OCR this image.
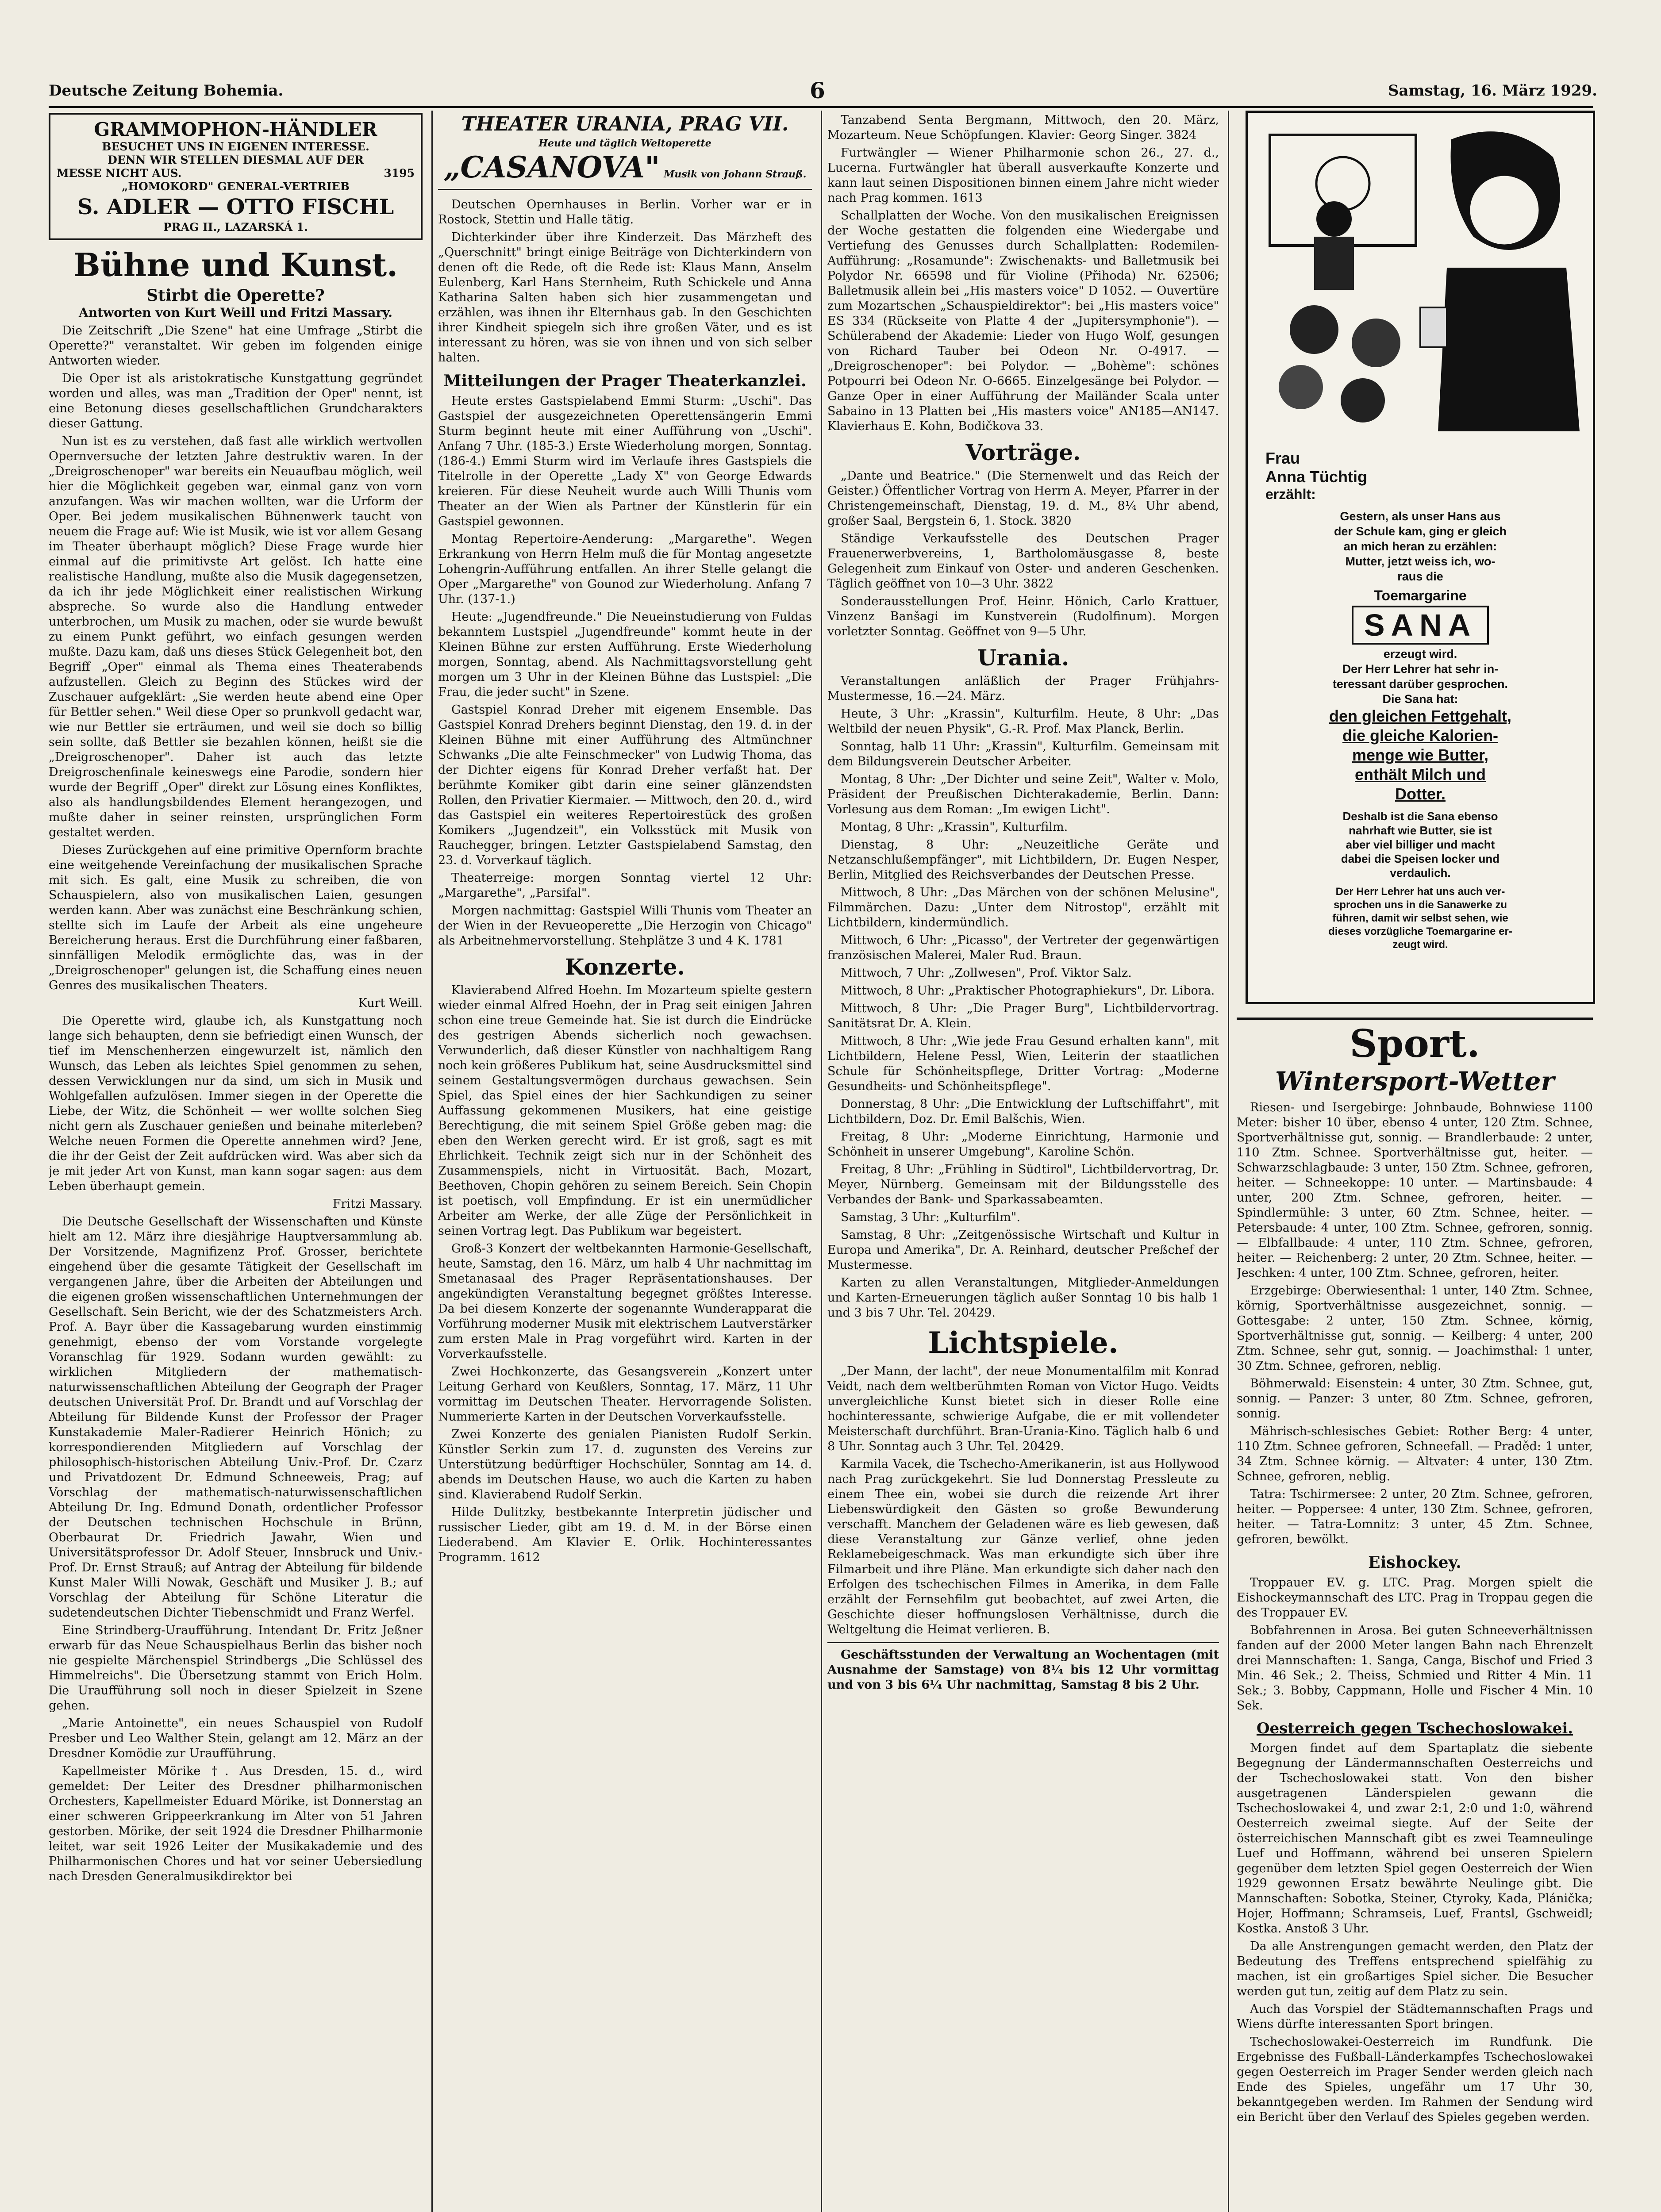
Deutsche Zeitung Bohemia.	6	Samstag, 16. März 1929.
GRAMMOPHON-HÄNDLER
BESUCHET UNS IN EIGENEN INTERESSE.
DENN WIR STELLEN DIESMAL AUF DER
MESSE NICHT AUS.	3195
„HOMOKORD" GENERAL-VERTRIEB
S. ADLER — OTTO FISCHL
PRAG II., LAZARSKÁ 1.
Bühne und Kunst.
Stirbt die Operette?
Antworten von Kurt Weill und Fritzi Massary.

Die Zeitschrift „Die Szene" hat eine Umfrage „Stirbt die Operette?" veranstaltet. Wir geben im folgenden einige Antworten wieder.

Die Oper ist als aristokratische Kunstgattung gegründet worden und alles, was man „Tradition der Oper" nennt, ist eine Betonung dieses gesellschaftlichen Grundcharakters dieser Gattung.

Nun ist es zu verstehen, daß fast alle wirklich wertvollen Opernversuche der letzten Jahre destruktiv waren. In der „Dreigroschenoper" war bereits ein Neuaufbau möglich, weil hier die Möglichkeit gegeben war, einmal ganz von vorn anzufangen. Was wir machen wollten, war die Urform der Oper. Bei jedem musikalischen Bühnenwerk taucht von neuem die Frage auf: Wie ist Musik, wie ist vor allem Gesang im Theater überhaupt möglich? Diese Frage wurde hier einmal auf die primitivste Art gelöst. Ich hatte eine realistische Handlung, mußte also die Musik dagegensetzen, da ich ihr jede Möglichkeit einer realistischen Wirkung abspreche. So wurde also die Handlung entweder unterbrochen, um Musik zu machen, oder sie wurde bewußt zu einem Punkt geführt, wo einfach gesungen werden mußte. Dazu kam, daß uns dieses Stück Gelegenheit bot, den Begriff „Oper" einmal als Thema eines Theaterabends aufzustellen. Gleich zu Beginn des Stückes wird der Zuschauer aufgeklärt: „Sie werden heute abend eine Oper für Bettler sehen." Weil diese Oper so prunkvoll gedacht war, wie nur Bettler sie erträumen, und weil sie doch so billig sein sollte, daß Bettler sie bezahlen können, heißt sie die „Dreigroschenoper". Daher ist auch das letzte Dreigroschenfinale keineswegs eine Parodie, sondern hier wurde der Begriff „Oper" direkt zur Lösung eines Konfliktes, also als handlungsbildendes Element herangezogen, und mußte daher in seiner reinsten, ursprünglichen Form gestaltet werden.

Dieses Zurückgehen auf eine primitive Opernform brachte eine weitgehende Vereinfachung der musikalischen Sprache mit sich. Es galt, eine Musik zu schreiben, die von Schauspielern, also von musikalischen Laien, gesungen werden kann. Aber was zunächst eine Beschränkung schien, stellte sich im Laufe der Arbeit als eine ungeheure Bereicherung heraus. Erst die Durchführung einer faßbaren, sinnfälligen Melodik ermöglichte das, was in der „Dreigroschenoper" gelungen ist, die Schaffung eines neuen Genres des musikalischen Theaters.

Kurt Weill.

Die Operette wird, glaube ich, als Kunstgattung noch lange sich behaupten, denn sie befriedigt einen Wunsch, der tief im Menschenherzen eingewurzelt ist, nämlich den Wunsch, das Leben als leichtes Spiel genommen zu sehen, dessen Verwicklungen nur da sind, um sich in Musik und Wohlgefallen aufzulösen. Immer siegen in der Operette die Liebe, der Witz, die Schönheit — wer wollte solchen Sieg nicht gern als Zuschauer genießen und beinahe miterleben? Welche neuen Formen die Operette annehmen wird? Jene, die ihr der Geist der Zeit aufdrücken wird. Was aber sich da je mit jeder Art von Kunst, man kann sogar sagen: aus dem Leben überhaupt gemein.

Fritzi Massary.

Die Deutsche Gesellschaft der Wissenschaften und Künste hielt am 12. März ihre diesjährige Hauptversammlung ab. Der Vorsitzende, Magnifizenz Prof. Grosser, berichtete eingehend über die gesamte Tätigkeit der Gesellschaft im vergangenen Jahre, über die Arbeiten der Abteilungen und die eigenen großen wissenschaftlichen Unternehmungen der Gesellschaft. Sein Bericht, wie der des Schatzmeisters Arch. Prof. A. Bayr über die Kassagebarung wurden einstimmig genehmigt, ebenso der vom Vorstande vorgelegte Voranschlag für 1929. Sodann wurden gewählt: zu wirklichen Mitgliedern der mathematisch-naturwissenschaftlichen Abteilung der Geograph der Prager deutschen Universität Prof. Dr. Brandt und auf Vorschlag der Abteilung für Bildende Kunst der Professor der Prager Kunstakademie Maler-Radierer Heinrich Hönich; zu korrespondierenden Mitgliedern auf Vorschlag der philosophisch-historischen Abteilung Univ.-Prof. Dr. Czarz und Privatdozent Dr. Edmund Schneeweis, Prag; auf Vorschlag der mathematisch-naturwissenschaftlichen Abteilung Dr. Ing. Edmund Donath, ordentlicher Professor der Deutschen technischen Hochschule in Brünn, Oberbaurat Dr. Friedrich Jawahr, Wien und Universitätsprofessor Dr. Adolf Steuer, Innsbruck und Univ.-Prof. Dr. Ernst Strauß; auf Antrag der Abteilung für bildende Kunst Maler Willi Nowak, Geschäft und Musiker J. B.; auf Vorschlag der Abteilung für Schöne Literatur die sudetendeutschen Dichter Tiebenschmidt und Franz Werfel.

Eine Strindberg-Uraufführung. Intendant Dr. Fritz Jeßner erwarb für das Neue Schauspielhaus Berlin das bisher noch nie gespielte Märchenspiel Strindbergs „Die Schlüssel des Himmelreichs". Die Übersetzung stammt von Erich Holm. Die Uraufführung soll noch in dieser Spielzeit in Szene gehen.

„Marie Antoinette", ein neues Schauspiel von Rudolf Presber und Leo Walther Stein, gelangt am 12. März an der Dresdner Komödie zur Uraufführung.

Kapellmeister Mörike †. Aus Dresden, 15. d., wird gemeldet: Der Leiter des Dresdner philharmonischen Orchesters, Kapellmeister Eduard Mörike, ist Donnerstag an einer schweren Grippeerkrankung im Alter von 51 Jahren gestorben. Mörike, der seit 1924 die Dresdner Philharmonie leitet, war seit 1926 Leiter der Musikakademie und des Philharmonischen Chores und hat vor seiner Uebersiedlung nach Dresden Generalmusikdirektor bei

THEATER URANIA, PRAG VII.
Heute und täglich Weltoperette
„CASANOVA" Musik von Johann Strauß.

Deutschen Opernhauses in Berlin. Vorher war er in Rostock, Stettin und Halle tätig.

Dichterkinder über ihre Kinderzeit. Das Märzheft des „Querschnitt" bringt einige Beiträge von Dichterkindern von denen oft die Rede, oft die Rede ist: Klaus Mann, Anselm Eulenberg, Karl Hans Sternheim, Ruth Schickele und Anna Katharina Salten haben sich hier zusammengetan und erzählen, was ihnen ihr Elternhaus gab. In den Geschichten ihrer Kindheit spiegeln sich ihre großen Väter, und es ist interessant zu hören, was sie von ihnen und von sich selber halten.

Mitteilungen der Prager Theaterkanzlei.

Heute erstes Gastspielabend Emmi Sturm: „Uschi". Das Gastspiel der ausgezeichneten Operettensängerin Emmi Sturm beginnt heute mit einer Aufführung von „Uschi". Anfang 7 Uhr. (185-3.) Erste Wiederholung morgen, Sonntag. (186-4.) Emmi Sturm wird im Verlaufe ihres Gastspiels die Titelrolle in der Operette „Lady X" von George Edwards kreieren. Für diese Neuheit wurde auch Willi Thunis vom Theater an der Wien als Partner der Künstlerin für ein Gastspiel gewonnen.

Montag Repertoire-Aenderung: „Margarethe". Wegen Erkrankung von Herrn Helm muß die für Montag angesetzte Lohengrin-Aufführung entfallen. An ihrer Stelle gelangt die Oper „Margarethe" von Gounod zur Wiederholung. Anfang 7 Uhr. (137-1.)

Heute: „Jugendfreunde." Die Neueinstudierung von Fuldas bekanntem Lustspiel „Jugendfreunde" kommt heute in der Kleinen Bühne zur ersten Aufführung. Erste Wiederholung morgen, Sonntag, abend. Als Nachmittagsvorstellung geht morgen um 3 Uhr in der Kleinen Bühne das Lustspiel: „Die Frau, die jeder sucht" in Szene.

Gastspiel Konrad Dreher mit eigenem Ensemble. Das Gastspiel Konrad Drehers beginnt Dienstag, den 19. d. in der Kleinen Bühne mit einer Aufführung des Altmünchner Schwanks „Die alte Feinschmecker" von Ludwig Thoma, das der Dichter eigens für Konrad Dreher verfaßt hat. Der berühmte Komiker gibt darin eine seiner glänzendsten Rollen, den Privatier Kiermaier. — Mittwoch, den 20. d., wird das Gastspiel ein weiteres Repertoirestück des großen Komikers „Jugendzeit", ein Volksstück mit Musik von Rauchegger, bringen. Letzter Gastspielabend Samstag, den 23. d. Vorverkauf täglich.

Theaterreige: morgen Sonntag viertel 12 Uhr: „Margarethe", „Parsifal".

Morgen nachmittag: Gastspiel Willi Thunis vom Theater an der Wien in der Revueoperette „Die Herzogin von Chicago" als Arbeitnehmervorstellung. Stehplätze 3 und 4 K. 1781

Konzerte.

Klavierabend Alfred Hoehn. Im Mozarteum spielte gestern wieder einmal Alfred Hoehn, der in Prag seit einigen Jahren schon eine treue Gemeinde hat. Sie ist durch die Eindrücke des gestrigen Abends sicherlich noch gewachsen. Verwunderlich, daß dieser Künstler von nachhaltigem Rang noch kein größeres Publikum hat, seine Ausdrucksmittel sind seinem Gestaltungsvermögen durchaus gewachsen. Sein Spiel, das Spiel eines der hier Sachkundigen zu seiner Auffassung gekommenen Musikers, hat eine geistige Berechtigung, die mit seinem Spiel Größe geben mag: die eben den Werken gerecht wird. Er ist groß, sagt es mit Ehrlichkeit. Technik zeigt sich nur in der Schönheit des Zusammenspiels, nicht in Virtuosität. Bach, Mozart, Beethoven, Chopin gehören zu seinem Bereich. Sein Chopin ist poetisch, voll Empfindung. Er ist ein unermüdlicher Arbeiter am Werke, der alle Züge der Persönlichkeit in seinen Vortrag legt. Das Publikum war begeistert.

Groß-3 Konzert der weltbekannten Harmonie-Gesellschaft, heute, Samstag, den 16. März, um halb 4 Uhr nachmittag im Smetanasaal des Prager Repräsentationshauses. Der angekündigten Veranstaltung begegnet größtes Interesse. Da bei diesem Konzerte der sogenannte Wunderapparat die Vorführung moderner Musik mit elektrischem Lautverstärker zum ersten Male in Prag vorgeführt wird. Karten in der Vorverkaufsstelle.

Zwei Hochkonzerte, das Gesangsverein „Konzert unter Leitung Gerhard von Keußlers, Sonntag, 17. März, 11 Uhr vormittag im Deutschen Theater. Hervorragende Solisten. Nummerierte Karten in der Deutschen Vorverkaufsstelle.

Zwei Konzerte des genialen Pianisten Rudolf Serkin. Künstler Serkin zum 17. d. zugunsten des Vereins zur Unterstützung bedürftiger Hochschüler, Sonntag am 14. d. abends im Deutschen Hause, wo auch die Karten zu haben sind. Klavierabend Rudolf Serkin.

Hilde Dulitzky, bestbekannte Interpretin jüdischer und russischer Lieder, gibt am 19. d. M. in der Börse einen Liederabend. Am Klavier E. Orlik. Hochinteressantes Programm. 1612

Tanzabend Senta Bergmann, Mittwoch, den 20. März, Mozarteum. Neue Schöpfungen. Klavier: Georg Singer. 3824

Furtwängler — Wiener Philharmonie schon 26., 27. d., Lucerna. Furtwängler hat überall ausverkaufte Konzerte und kann laut seinen Dispositionen binnen einem Jahre nicht wieder nach Prag kommen. 1613

Schallplatten der Woche. Von den musikalischen Ereignissen der Woche gestatten die folgenden eine Wiedergabe und Vertiefung des Genusses durch Schallplatten: Rodemilen-Aufführung: „Rosamunde": Zwischenakts- und Balletmusik bei Polydor Nr. 66598 und für Violine (Přihoda) Nr. 62506; Balletmusik allein bei „His masters voice" D 1052. — Ouvertüre zum Mozartschen „Schauspieldirektor": bei „His masters voice" ES 334 (Rückseite von Platte 4 der „Jupitersymphonie"). — Schülerabend der Akademie: Lieder von Hugo Wolf, gesungen von Richard Tauber bei Odeon Nr. O-4917. — „Dreigroschenoper": bei Polydor. — „Bohème": schönes Potpourri bei Odeon Nr. O-6665. Einzelgesänge bei Polydor. — Ganze Oper in einer Aufführung der Mailänder Scala unter Sabaino in 13 Platten bei „His masters voice" AN185—AN147. Klavierhaus E. Kohn, Bodičkova 33.

Vorträge.

„Dante und Beatrice." (Die Sternenwelt und das Reich der Geister.) Öffentlicher Vortrag von Herrn A. Meyer, Pfarrer in der Christengemeinschaft, Dienstag, 19. d. M., 8¼ Uhr abend, großer Saal, Bergstein 6, 1. Stock. 3820

Ständige Verkaufsstelle des Deutschen Prager Frauenerwerbvereins, 1, Bartholomäusgasse 8, beste Gelegenheit zum Einkauf von Oster- und anderen Geschenken. Täglich geöffnet von 10—3 Uhr. 3822

Sonderausstellungen Prof. Heinr. Hönich, Carlo Krattuer, Vinzenz Banšagi im Kunstverein (Rudolfinum). Morgen vorletzter Sonntag. Geöffnet von 9—5 Uhr.

Urania.

Veranstaltungen anläßlich der Prager Frühjahrs-Mustermesse, 16.—24. März.

Heute, 3 Uhr: „Krassin", Kulturfilm. Heute, 8 Uhr: „Das Weltbild der neuen Physik", G.-R. Prof. Max Planck, Berlin.

Sonntag, halb 11 Uhr: „Krassin", Kulturfilm. Gemeinsam mit dem Bildungsverein Deutscher Arbeiter.

Montag, 8 Uhr: „Der Dichter und seine Zeit", Walter v. Molo, Präsident der Preußischen Dichterakademie, Berlin. Dann: Vorlesung aus dem Roman: „Im ewigen Licht".

Montag, 8 Uhr: „Krassin", Kulturfilm.

Dienstag, 8 Uhr: „Neuzeitliche Geräte und Netzanschlußempfänger", mit Lichtbildern, Dr. Eugen Nesper, Berlin, Mitglied des Reichsverbandes der Deutschen Presse.

Mittwoch, 8 Uhr: „Das Märchen von der schönen Melusine", Filmmärchen. Dazu: „Unter dem Nitrostop", erzählt mit Lichtbildern, kindermündlich.

Mittwoch, 6 Uhr: „Picasso", der Vertreter der gegenwärtigen französischen Malerei, Maler Rud. Braun.

Mittwoch, 7 Uhr: „Zollwesen", Prof. Viktor Salz.

Mittwoch, 8 Uhr: „Praktischer Photographiekurs", Dr. Libora.

Mittwoch, 8 Uhr: „Die Prager Burg", Lichtbildervortrag. Sanitätsrat Dr. A. Klein.

Mittwoch, 8 Uhr: „Wie jede Frau Gesund erhalten kann", mit Lichtbildern, Helene Pessl, Wien, Leiterin der staatlichen Schule für Schönheitspflege, Dritter Vortrag: „Moderne Gesundheits- und Schönheitspflege".

Donnerstag, 8 Uhr: „Die Entwicklung der Luftschiffahrt", mit Lichtbildern, Doz. Dr. Emil Balšchis, Wien.

Freitag, 8 Uhr: „Moderne Einrichtung, Harmonie und Schönheit in unserer Umgebung", Karoline Schön.

Freitag, 8 Uhr: „Frühling in Südtirol", Lichtbildervortrag, Dr. Meyer, Nürnberg. Gemeinsam mit der Bildungsstelle des Verbandes der Bank- und Sparkassabeamten.

Samstag, 3 Uhr: „Kulturfilm".

Samstag, 8 Uhr: „Zeitgenössische Wirtschaft und Kultur in Europa und Amerika", Dr. A. Reinhard, deutscher Preßchef der Mustermesse.

Karten zu allen Veranstaltungen, Mitglieder-Anmeldungen und Karten-Erneuerungen täglich außer Sonntag 10 bis halb 1 und 3 bis 7 Uhr. Tel. 20429.

Lichtspiele.

„Der Mann, der lacht", der neue Monumentalfilm mit Konrad Veidt, nach dem weltberühmten Roman von Victor Hugo. Veidts unvergleichliche Kunst bietet sich in dieser Rolle eine hochinteressante, schwierige Aufgabe, die er mit vollendeter Meisterschaft durchführt. Bran-Urania-Kino. Täglich halb 6 und 8 Uhr. Sonntag auch 3 Uhr. Tel. 20429.

Karmila Vacek, die Tschecho-Amerikanerin, ist aus Hollywood nach Prag zurückgekehrt. Sie lud Donnerstag Pressleute zu einem Thee ein, wobei sie durch die reizende Art ihrer Liebenswürdigkeit den Gästen so große Bewunderung verschafft. Manchem der Geladenen wäre es lieb gewesen, daß diese Veranstaltung zur Gänze verlief, ohne jeden Reklamebeigeschmack. Was man erkundigte sich über ihre Filmarbeit und ihre Pläne. Man erkundigte sich daher nach den Erfolgen des tschechischen Filmes in Amerika, in dem Falle erzählt der Fernsehfilm gut beobachtet, auf zwei Arten, die Geschichte dieser hoffnungslosen Verhältnisse, durch die Weltgeltung die Heimat verlieren. B.

Geschäftsstunden der Verwaltung an Wochentagen (mit Ausnahme der Samstage) von 8¼ bis 12 Uhr vormittag und von 3 bis 6¼ Uhr nachmittag, Samstag 8 bis 2 Uhr.

Frau
Anna Tüchtig
erzählt:
Gestern, als unser Hans aus
der Schule kam, ging er gleich
an mich heran zu erzählen:
Mutter, jetzt weiss ich, wo-
raus die
Toemargarine
SANA
erzeugt wird.
Der Herr Lehrer hat sehr in-
teressant darüber gesprochen.
Die Sana hat:
den gleichen Fettgehalt,
die gleiche Kalorien-
menge wie Butter,
enthält Milch und
Dotter.
Deshalb ist die Sana ebenso
nahrhaft wie Butter, sie ist
aber viel billiger und macht
dabei die Speisen locker und
verdaulich.
Der Herr Lehrer hat uns auch ver-
sprochen uns in die Sanawerke zu
führen, damit wir selbst sehen, wie
dieses vorzügliche Toemargarine er-
zeugt wird.
Sport.
Wintersport-Wetter

Riesen- und Isergebirge: Johnbaude, Bohnwiese 1100 Meter: bisher 10 über, ebenso 4 unter, 120 Ztm. Schnee, Sportverhältnisse gut, sonnig. — Brandlerbaude: 2 unter, 110 Ztm. Schnee. Sportverhältnisse gut, heiter. — Schwarzschlagbaude: 3 unter, 150 Ztm. Schnee, gefroren, heiter. — Schneekoppe: 10 unter. — Martinsbaude: 4 unter, 200 Ztm. Schnee, gefroren, heiter. — Spindlermühle: 3 unter, 60 Ztm. Schnee, heiter. — Petersbaude: 4 unter, 100 Ztm. Schnee, gefroren, sonnig. — Elbfallbaude: 4 unter, 110 Ztm. Schnee, gefroren, heiter. — Reichenberg: 2 unter, 20 Ztm. Schnee, heiter. — Jeschken: 4 unter, 100 Ztm. Schnee, gefroren, heiter.

Erzgebirge: Oberwiesenthal: 1 unter, 140 Ztm. Schnee, körnig, Sportverhältnisse ausgezeichnet, sonnig. — Gottesgabe: 2 unter, 150 Ztm. Schnee, körnig, Sportverhältnisse gut, sonnig. — Keilberg: 4 unter, 200 Ztm. Schnee, sehr gut, sonnig. — Joachimsthal: 1 unter, 30 Ztm. Schnee, gefroren, neblig.

Böhmerwald: Eisenstein: 4 unter, 30 Ztm. Schnee, gut, sonnig. — Panzer: 3 unter, 80 Ztm. Schnee, gefroren, sonnig.

Mährisch-schlesisches Gebiet: Rother Berg: 4 unter, 110 Ztm. Schnee gefroren, Schneefall. — Praděd: 1 unter, 34 Ztm. Schnee körnig. — Altvater: 4 unter, 130 Ztm. Schnee, gefroren, neblig.

Tatra: Tschirmersee: 2 unter, 20 Ztm. Schnee, gefroren, heiter. — Poppersee: 4 unter, 130 Ztm. Schnee, gefroren, heiter. — Tatra-Lomnitz: 3 unter, 45 Ztm. Schnee, gefroren, bewölkt.

Eishockey.

Troppauer EV. g. LTC. Prag. Morgen spielt die Eishockeymannschaft des LTC. Prag in Troppau gegen die des Troppauer EV.

Bobfahrennen in Arosa. Bei guten Schneeverhältnissen fanden auf der 2000 Meter langen Bahn nach Ehrenzelt drei Mannschaften: 1. Sanga, Canga, Bischof und Fried 3 Min. 46 Sek.; 2. Theiss, Schmied und Ritter 4 Min. 11 Sek.; 3. Bobby, Cappmann, Holle und Fischer 4 Min. 10 Sek.

Oesterreich gegen Tschechoslowakei.

Morgen findet auf dem Spartaplatz die siebente Begegnung der Ländermannschaften Oesterreichs und der Tschechoslowakei statt. Von den bisher ausgetragenen Länderspielen gewann die Tschechoslowakei 4, und zwar 2:1, 2:0 und 1:0, während Oesterreich zweimal siegte. Auf der Seite der österreichischen Mannschaft gibt es zwei Teamneulinge Luef und Hoffmann, während bei unseren Spielern gegenüber dem letzten Spiel gegen Oesterreich der Wien 1929 gewonnen Ersatz bewährte Neulinge gibt. Die Mannschaften: Sobotka, Steiner, Ctyroky, Kada, Plánička; Hojer, Hoffmann; Schramseis, Luef, Frantsl, Gschweidl; Kostka. Anstoß 3 Uhr.

Da alle Anstrengungen gemacht werden, den Platz der Bedeutung des Treffens entsprechend spielfähig zu machen, ist ein großartiges Spiel sicher. Die Besucher werden gut tun, zeitig auf dem Platz zu sein.

Auch das Vorspiel der Städtemannschaften Prags und Wiens dürfte interessanten Sport bringen.

Tschechoslowakei-Oesterreich im Rundfunk. Die Ergebnisse des Fußball-Länderkampfes Tschechoslowakei gegen Oesterreich im Prager Sender werden gleich nach Ende des Spieles, ungefähr um 17 Uhr 30, bekanntgegeben werden. Im Rahmen der Sendung wird ein Bericht über den Verlauf des Spieles gegeben werden.
